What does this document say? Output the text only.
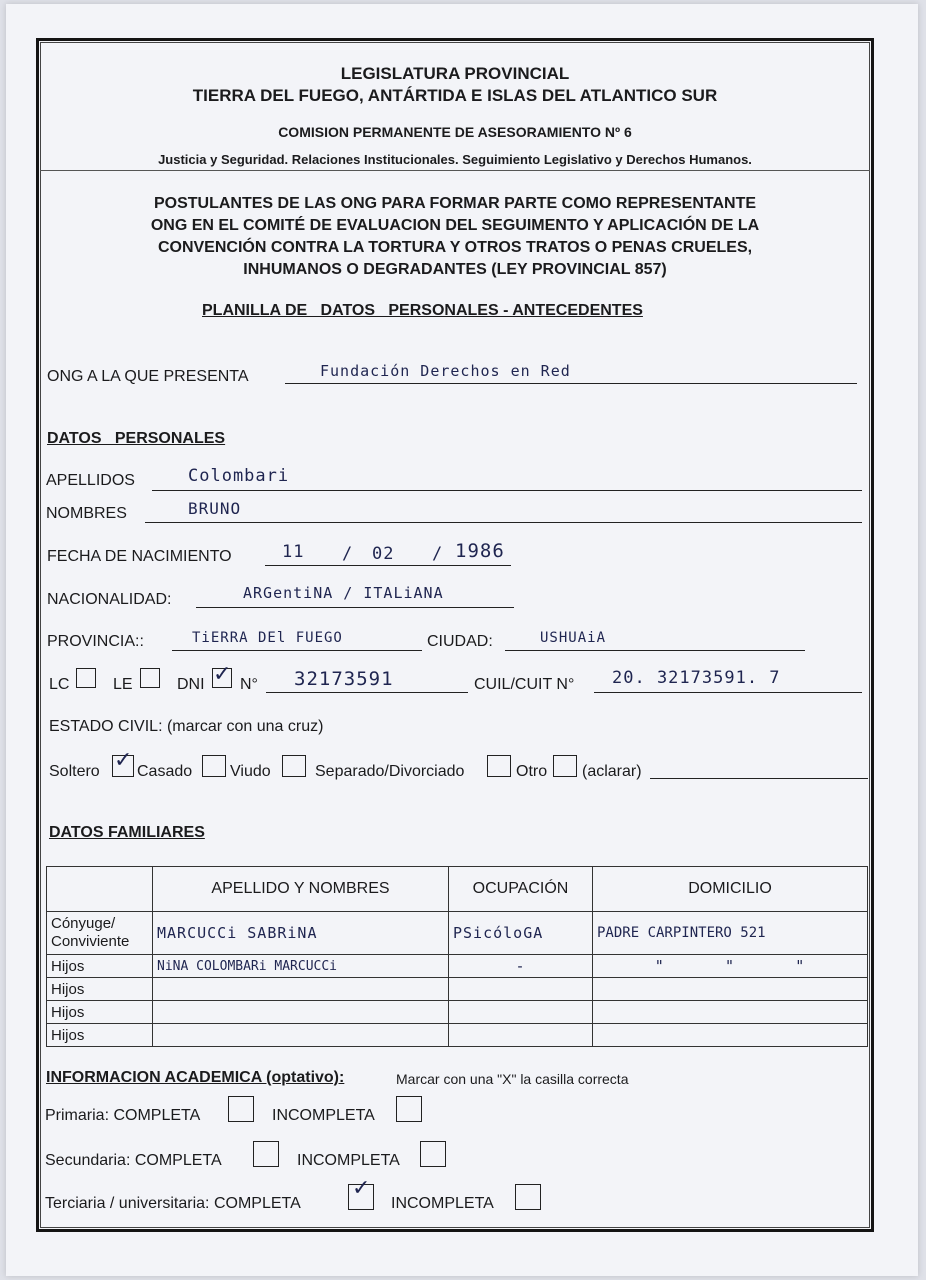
LEGISLATURA PROVINCIAL
TIERRA DEL FUEGO, ANTÁRTIDA E ISLAS DEL ATLANTICO SUR
COMISION PERMANENTE DE ASESORAMIENTO Nº 6
Justicia y Seguridad. Relaciones Institucionales. Seguimiento Legislativo y Derechos Humanos.
POSTULANTES DE LAS ONG PARA FORMAR PARTE COMO REPRESENTANTE
ONG EN EL COMITÉ DE EVALUACION DEL SEGUIMENTO Y APLICACIÓN DE LA
CONVENCIÓN CONTRA LA TORTURA Y OTROS TRATOS O PENAS CRUELES,
INHUMANOS O DEGRADANTES (LEY PROVINCIAL 857)
PLANILLA DE   DATOS   PERSONALES - ANTECEDENTES
ONG A LA QUE PRESENTA	Fundación Derechos en Red
DATOS   PERSONALES
APELLIDOS	Colombari
NOMBRES	BRUNO
FECHA DE NACIMIENTO	11 / 02 / 1986
NACIONALIDAD:	ARGentiNA / ITALiANA
PROVINCIA::	TiERRA DEl FUEGO	CIUDAD:	USHUAiA
LC	LE	DNI ✓ N° 32173591	CUIL/CUIT N° 20. 32173591. 7
ESTADO CIVIL: (marcar con una cruz)
Soltero ✓ Casado Viudo	Separado/Divorciado	Otro (aclarar)
DATOS FAMILIARES
	APELLIDO Y NOMBRES	OCUPACIÓN	DOMICILIO
Cónyuge/ Conviviente	MARCUCCi SABRiNA	PSicóloGA	PADRE CARPINTERO 521
Hijos	NiNA COLOMBARi MARCUCCi	-	"      "      "
Hijos			
Hijos			
Hijos			
INFORMACION ACADEMICA (optativo):	Marcar con una "X" la casilla correcta
Primaria: COMPLETA	INCOMPLETA
Secundaria: COMPLETA	INCOMPLETA
Terciaria / universitaria: COMPLETA
✓
INCOMPLETA
